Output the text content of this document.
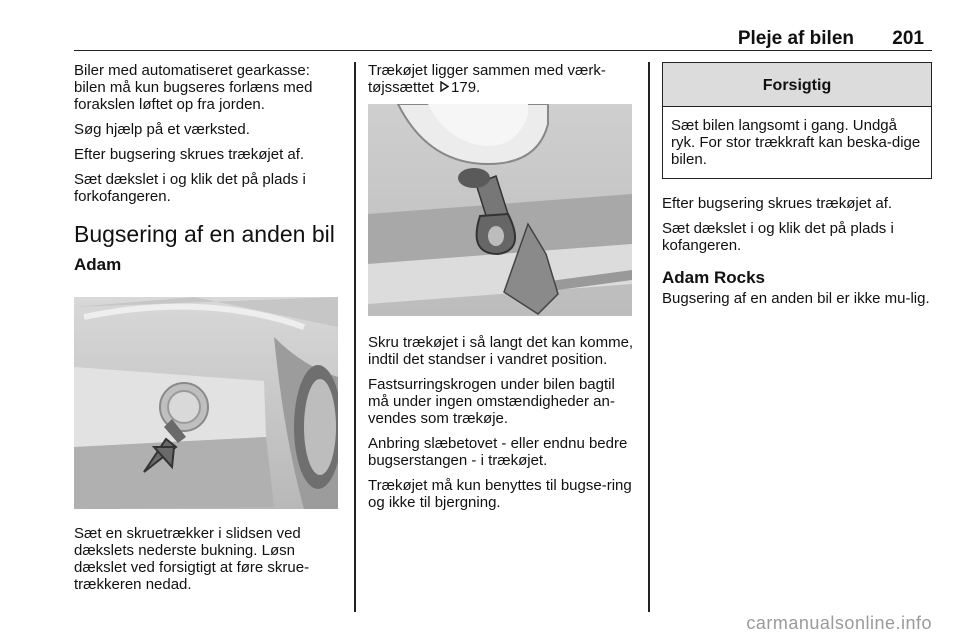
Pleje af bilen 201

Biler med automatiseret gearkasse: bilen må kun bugseres forlæns med forakslen løftet op fra jorden.

Søg hjælp på et værksted.

Efter bugsering skrues trækøjet af.

Sæt dækslet i og klik det på plads i forkofangeren.

Bugsering af en anden bil
Adam

Sæt en skruetrækker i slidsen ved dækslets nederste bukning. Løsn dækslet ved forsigtigt at føre skrue-trækkeren nedad.

Trækøjet ligger sammen med værk-tøjssættet 179.

Skru trækøjet i så langt det kan komme, indtil det standser i vandret position.

Fastsurringskrogen under bilen bagtil må under ingen omstændigheder an-vendes som trækøje.

Anbring slæbetovet - eller endnu bedre bugserstangen - i trækøjet.

Trækøjet må kun benyttes til bugse-ring og ikke til bjergning.

Forsigtig
Sæt bilen langsomt i gang. Undgå ryk. For stor trækkraft kan beska-dige bilen.

Efter bugsering skrues trækøjet af.

Sæt dækslet i og klik det på plads i kofangeren.

Adam Rocks

Bugsering af en anden bil er ikke mu-lig.

carmanualsonline.info
